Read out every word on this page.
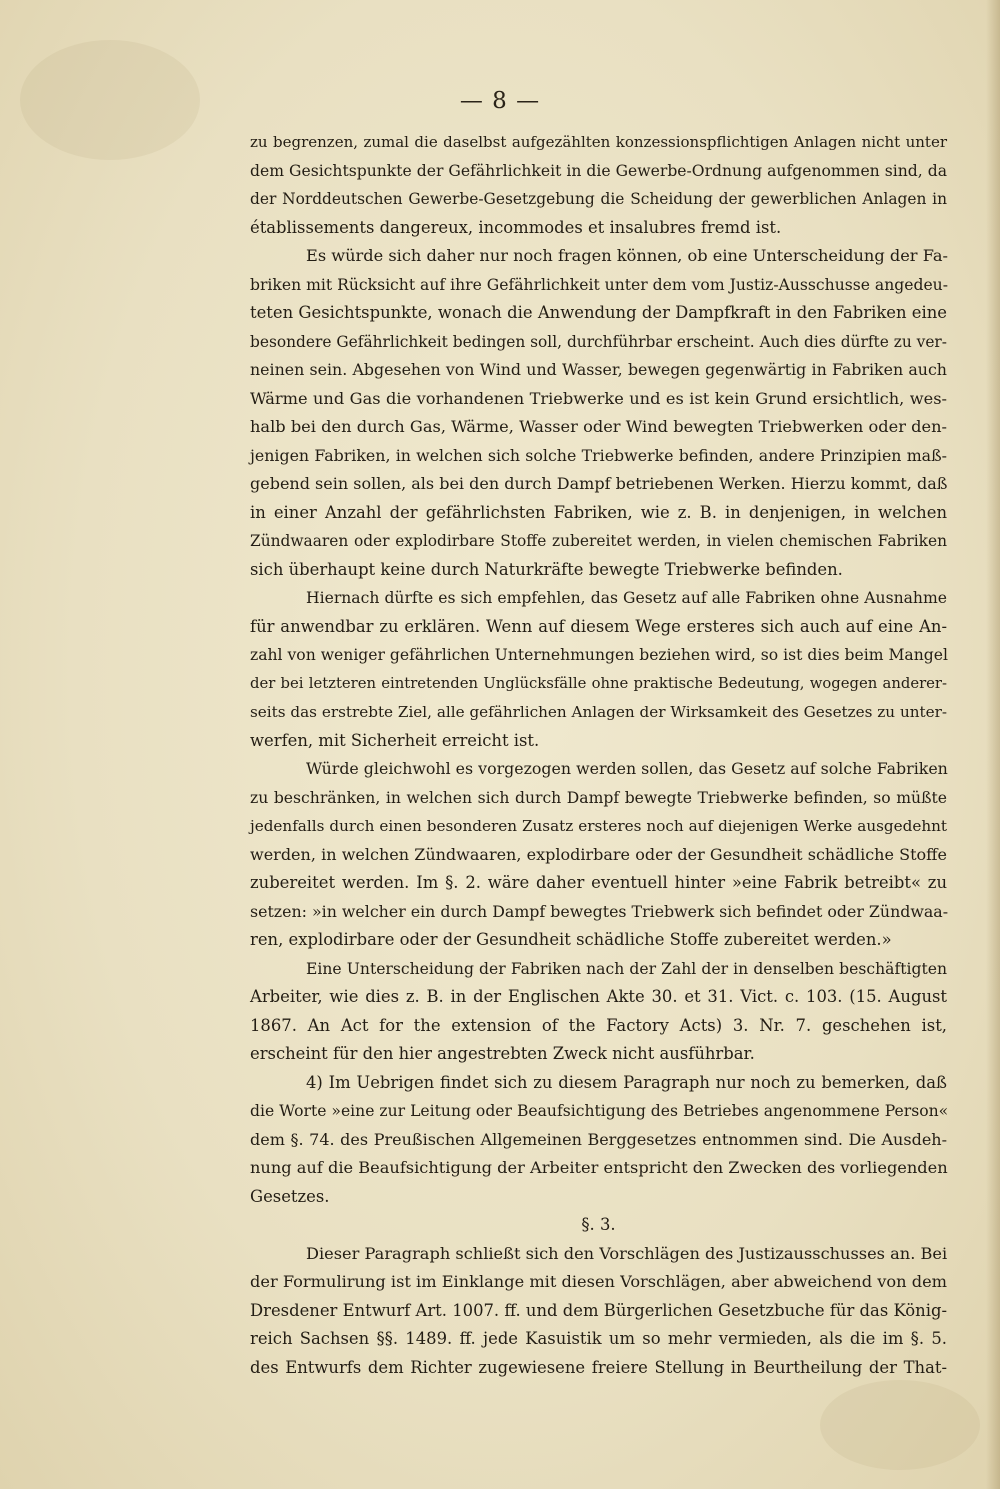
— 8 —
zu begrenzen, zumal die daselbst aufgezählten konzessionspflichtigen Anlagen nicht unter
dem Gesichtspunkte der Gefährlichkeit in die Gewerbe-Ordnung aufgenommen sind, da
der Norddeutschen Gewerbe-Gesetzgebung die Scheidung der gewerblichen Anlagen in
établissements dangereux, incommodes et insalubres fremd ist.
Es würde sich daher nur noch fragen können, ob eine Unterscheidung der Fa-
briken mit Rücksicht auf ihre Gefährlichkeit unter dem vom Justiz-Ausschusse angedeu-
teten Gesichtspunkte, wonach die Anwendung der Dampfkraft in den Fabriken eine
besondere Gefährlichkeit bedingen soll, durchführbar erscheint. Auch dies dürfte zu ver-
neinen sein. Abgesehen von Wind und Wasser, bewegen gegenwärtig in Fabriken auch
Wärme und Gas die vorhandenen Triebwerke und es ist kein Grund ersichtlich, wes-
halb bei den durch Gas, Wärme, Wasser oder Wind bewegten Triebwerken oder den-
jenigen Fabriken, in welchen sich solche Triebwerke befinden, andere Prinzipien maß-
gebend sein sollen, als bei den durch Dampf betriebenen Werken. Hierzu kommt, daß
in einer Anzahl der gefährlichsten Fabriken, wie z. B. in denjenigen, in welchen
Zündwaaren oder explodirbare Stoffe zubereitet werden, in vielen chemischen Fabriken
sich überhaupt keine durch Naturkräfte bewegte Triebwerke befinden.
Hiernach dürfte es sich empfehlen, das Gesetz auf alle Fabriken ohne Ausnahme
für anwendbar zu erklären. Wenn auf diesem Wege ersteres sich auch auf eine An-
zahl von weniger gefährlichen Unternehmungen beziehen wird, so ist dies beim Mangel
der bei letzteren eintretenden Unglücksfälle ohne praktische Bedeutung, wogegen anderer-
seits das erstrebte Ziel, alle gefährlichen Anlagen der Wirksamkeit des Gesetzes zu unter-
werfen, mit Sicherheit erreicht ist.
Würde gleichwohl es vorgezogen werden sollen, das Gesetz auf solche Fabriken
zu beschränken, in welchen sich durch Dampf bewegte Triebwerke befinden, so müßte
jedenfalls durch einen besonderen Zusatz ersteres noch auf diejenigen Werke ausgedehnt
werden, in welchen Zündwaaren, explodirbare oder der Gesundheit schädliche Stoffe
zubereitet werden. Im §. 2. wäre daher eventuell hinter »eine Fabrik betreibt« zu
setzen: »in welcher ein durch Dampf bewegtes Triebwerk sich befindet oder Zündwaa-
ren, explodirbare oder der Gesundheit schädliche Stoffe zubereitet werden.»
Eine Unterscheidung der Fabriken nach der Zahl der in denselben beschäftigten
Arbeiter, wie dies z. B. in der Englischen Akte 30. et 31. Vict. c. 103. (15. August
1867. An Act for the extension of the Factory Acts) 3. Nr. 7. geschehen ist,
erscheint für den hier angestrebten Zweck nicht ausführbar.
4) Im Uebrigen findet sich zu diesem Paragraph nur noch zu bemerken, daß
die Worte »eine zur Leitung oder Beaufsichtigung des Betriebes angenommene Person«
dem §. 74. des Preußischen Allgemeinen Berggesetzes entnommen sind. Die Ausdeh-
nung auf die Beaufsichtigung der Arbeiter entspricht den Zwecken des vorliegenden
Gesetzes.
§. 3.
Dieser Paragraph schließt sich den Vorschlägen des Justizausschusses an. Bei
der Formulirung ist im Einklange mit diesen Vorschlägen, aber abweichend von dem
Dresdener Entwurf Art. 1007. ff. und dem Bürgerlichen Gesetzbuche für das König-
reich Sachsen §§. 1489. ff. jede Kasuistik um so mehr vermieden, als die im §. 5.
des Entwurfs dem Richter zugewiesene freiere Stellung in Beurtheilung der That-
